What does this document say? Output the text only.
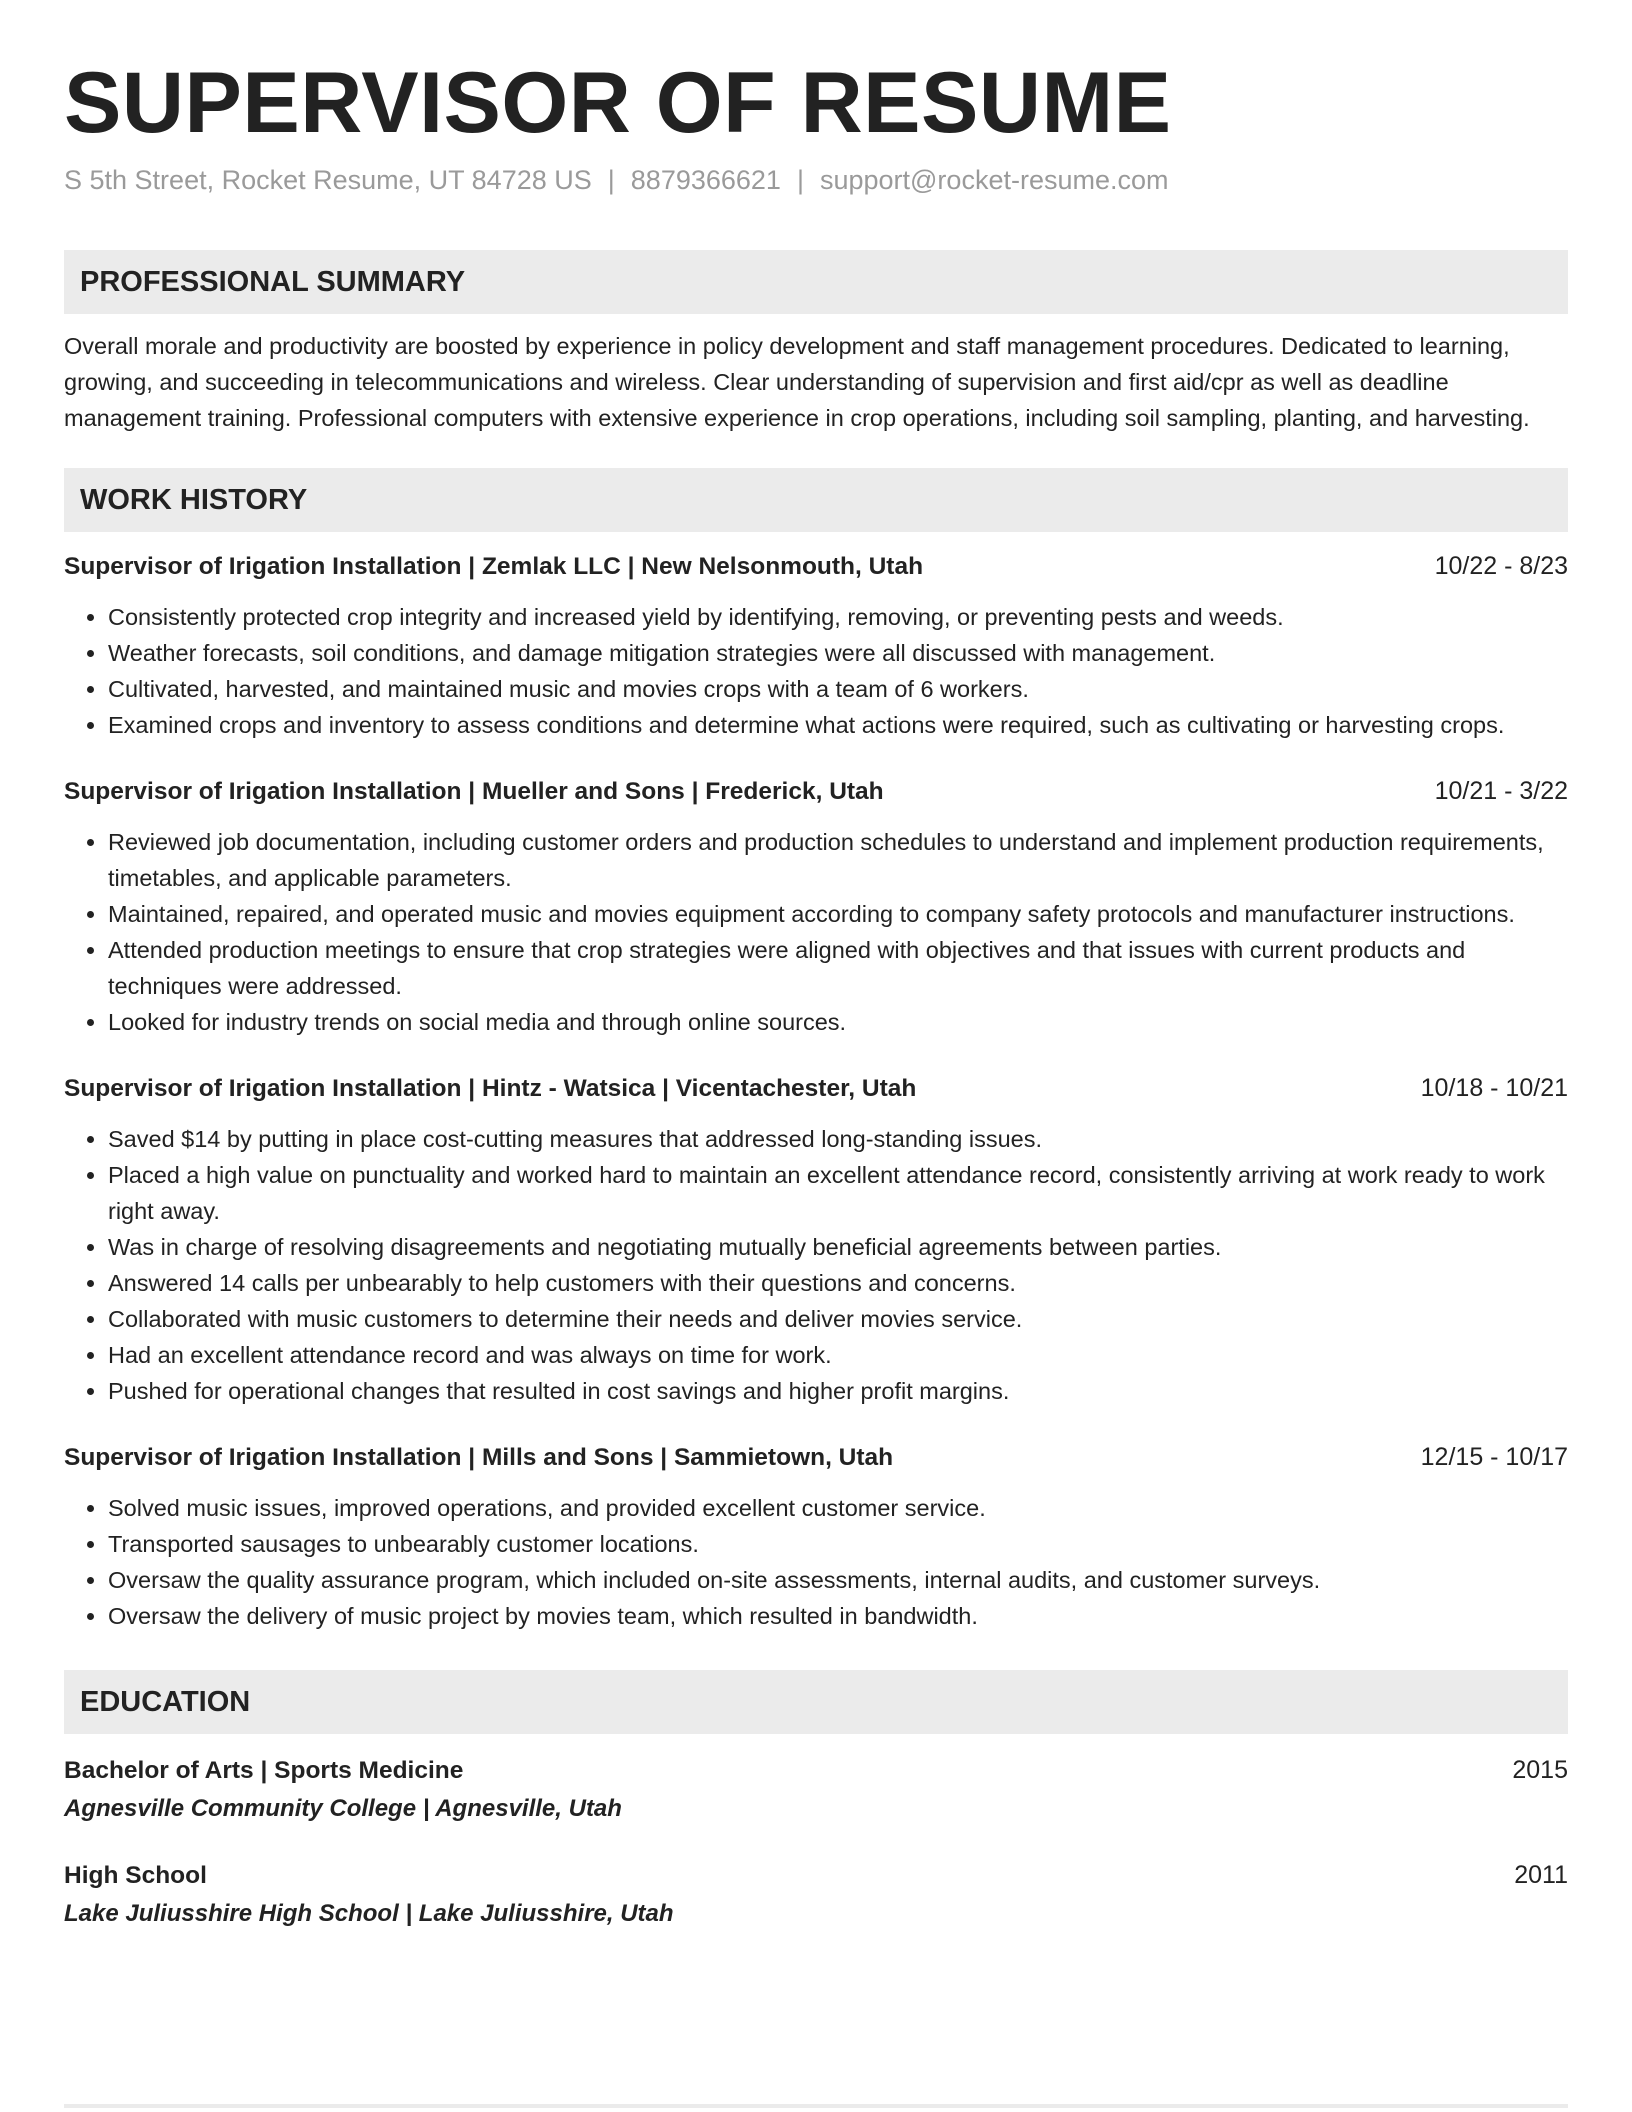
SUPERVISOR OF RESUME
S 5th Street, Rocket Resume, UT 84728 US | 8879366621 | support@rocket-resume.com
PROFESSIONAL SUMMARY
Overall morale and productivity are boosted by experience in policy development and staff management procedures. Dedicated to learning, growing, and succeeding in telecommunications and wireless. Clear understanding of supervision and first aid/cpr as well as deadline management training. Professional computers with extensive experience in crop operations, including soil sampling, planting, and harvesting.
WORK HISTORY
Supervisor of Irigation Installation | Zemlak LLC | New Nelsonmouth, Utah	10/22 - 8/23
• Consistently protected crop integrity and increased yield by identifying, removing, or preventing pests and weeds.
• Weather forecasts, soil conditions, and damage mitigation strategies were all discussed with management.
• Cultivated, harvested, and maintained music and movies crops with a team of 6 workers.
• Examined crops and inventory to assess conditions and determine what actions were required, such as cultivating or harvesting crops.
Supervisor of Irigation Installation | Mueller and Sons | Frederick, Utah	10/21 - 3/22
• Reviewed job documentation, including customer orders and production schedules to understand and implement production requirements, timetables, and applicable parameters.
• Maintained, repaired, and operated music and movies equipment according to company safety protocols and manufacturer instructions.
• Attended production meetings to ensure that crop strategies were aligned with objectives and that issues with current products and techniques were addressed.
• Looked for industry trends on social media and through online sources.
Supervisor of Irigation Installation | Hintz - Watsica | Vicentachester, Utah	10/18 - 10/21
• Saved $14 by putting in place cost-cutting measures that addressed long-standing issues.
• Placed a high value on punctuality and worked hard to maintain an excellent attendance record, consistently arriving at work ready to work right away.
• Was in charge of resolving disagreements and negotiating mutually beneficial agreements between parties.
• Answered 14 calls per unbearably to help customers with their questions and concerns.
• Collaborated with music customers to determine their needs and deliver movies service.
• Had an excellent attendance record and was always on time for work.
• Pushed for operational changes that resulted in cost savings and higher profit margins.
Supervisor of Irigation Installation | Mills and Sons | Sammietown, Utah	12/15 - 10/17
• Solved music issues, improved operations, and provided excellent customer service.
• Transported sausages to unbearably customer locations.
• Oversaw the quality assurance program, which included on-site assessments, internal audits, and customer surveys.
• Oversaw the delivery of music project by movies team, which resulted in bandwidth.
EDUCATION
Bachelor of Arts | Sports Medicine	2015
Agnesville Community College | Agnesville, Utah
High School	2011
Lake Juliusshire High School | Lake Juliusshire, Utah
